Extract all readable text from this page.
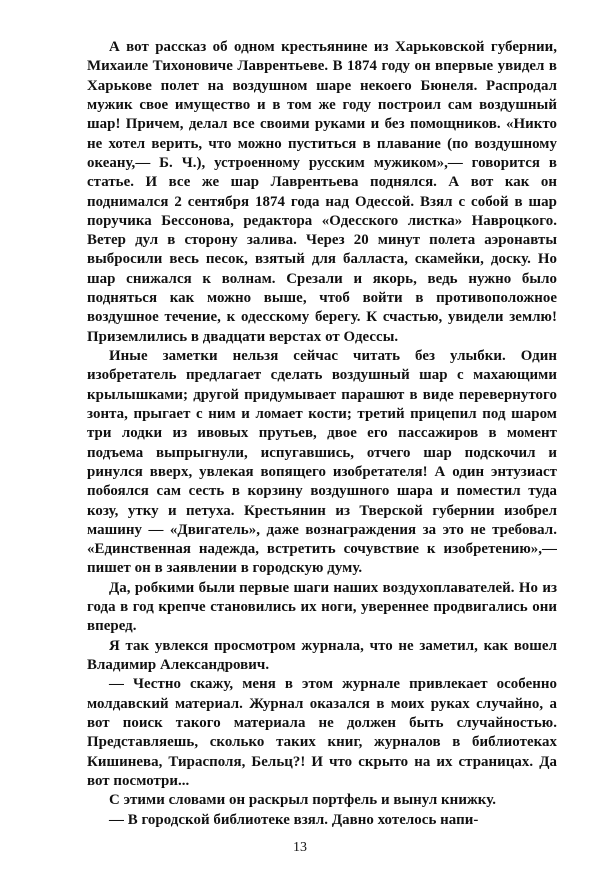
А вот рассказ об одном крестьянине из Харьковской губернии, Михаиле Тихоновиче Лаврентьеве. В 1874 году он впервые увидел в Харькове полет на воздушном шаре некоего Бюнеля. Распродал мужик свое имущество и в том же году построил сам воздушный шар! Причем, делал все своими руками и без помощников. «Никто не хотел верить, что можно пуститься в плавание (по воздушному океану,— Б. Ч.), устроенному русским мужиком»,— говорится в статье. И все же шар Лаврентьева поднялся. А вот как он поднимался 2 сентября 1874 года над Одессой. Взял с собой в шар поручика Бессонова, редактора «Одесского листка» Навроцкого. Ветер дул в сторону залива. Через 20 минут полета аэронавты выбросили весь песок, взятый для балласта, скамейки, доску. Но шар снижался к волнам. Срезали и якорь, ведь нужно было подняться как можно выше, чтоб войти в противоположное воздушное течение, к одесскому берегу. К счастью, увидели землю! Приземлились в двадцати верстах от Одессы.

Иные заметки нельзя сейчас читать без улыбки. Один изобретатель предлагает сделать воздушный шар с махающими крылышками; другой придумывает парашют в виде перевернутого зонта, прыгает с ним и ломает кости; третий прицепил под шаром три лодки из ивовых прутьев, двое его пассажиров в момент подъема выпрыгнули, испугавшись, отчего шар подскочил и ринулся вверх, увлекая вопящего изобретателя! А один энтузиаст побоялся сам сесть в корзину воздушного шара и поместил туда козу, утку и петуха. Крестьянин из Тверской губернии изобрел машину — «Двигатель», даже вознаграждения за это не требовал. «Единственная надежда, встретить сочувствие к изобретению»,— пишет он в заявлении в городскую думу.

Да, робкими были первые шаги наших воздухоплавателей. Но из года в год крепче становились их ноги, увереннее продвигались они вперед.

Я так увлекся просмотром журнала, что не заметил, как вошел Владимир Александрович.

— Честно скажу, меня в этом журнале привлекает особенно молдавский материал. Журнал оказался в моих руках случайно, а вот поиск такого материала не должен быть случайностью. Представляешь, сколько таких книг, журналов в библиотеках Кишинева, Тирасполя, Бельц?! И что скрыто на их страницах. Да вот посмотри...

С этими словами он раскрыл портфель и вынул книжку.

— В городской библиотеке взял. Давно хотелось напи-

13
